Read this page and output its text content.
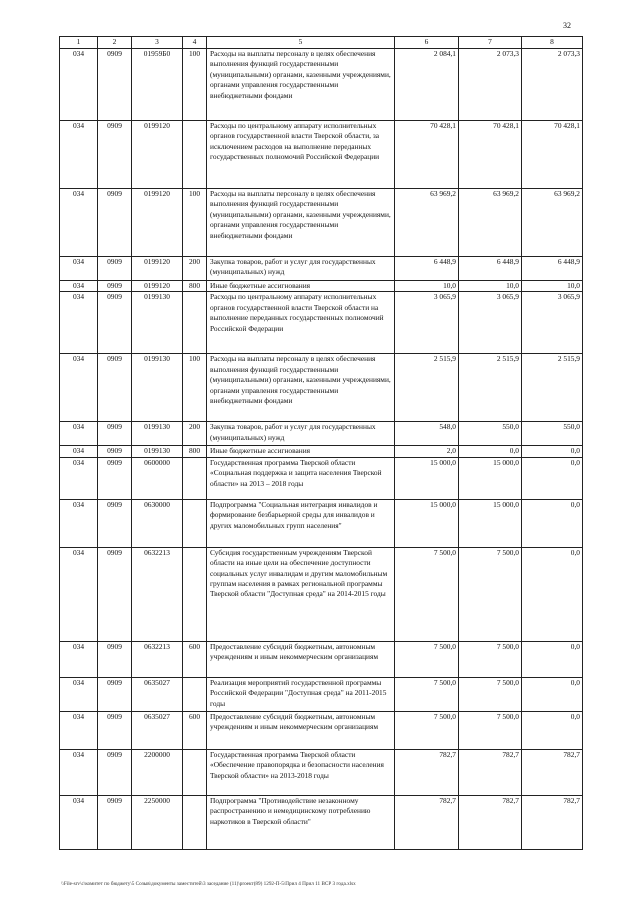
32
1	2	3	4	5	6	7	8
034	0909	01959Б0	100	Расходы на выплаты персоналу в целях обеспечения выполнения функций государственными (муниципальными) органами, казенными учреждениями, органами управления государственными внебюджетными фондами	2 084,1	2 073,3	2 073,3
034	0909	0199120		Расходы по центральному аппарату исполнительных органов государственной власти Тверской области, за исключением расходов на выполнение переданных государственных полномочий Российской Федерации	70 428,1	70 428,1	70 428,1
034	0909	0199120	100	Расходы на выплаты персоналу в целях обеспечения выполнения функций государственными (муниципальными) органами, казенными учреждениями, органами управления государственными внебюджетными фондами	63 969,2	63 969,2	63 969,2
034	0909	0199120	200	Закупка товаров, работ и услуг для государственных (муниципальных) нужд	6 448,9	6 448,9	6 448,9
034	0909	0199120	800	Иные бюджетные ассигнования	10,0	10,0	10,0
034	0909	0199130		Расходы по центральному аппарату исполнительных органов государственной власти Тверской области на выполнение переданных государственных полномочий Российской Федерации	3 065,9	3 065,9	3 065,9
034	0909	0199130	100	Расходы на выплаты персоналу в целях обеспечения выполнения функций государственными (муниципальными) органами, казенными учреждениями, органами управления государственными внебюджетными фондами	2 515,9	2 515,9	2 515,9
034	0909	0199130	200	Закупка товаров, работ и услуг для государственных (муниципальных) нужд	548,0	550,0	550,0
034	0909	0199130	800	Иные бюджетные ассигнования	2,0	0,0	0,0
034	0909	0600000		Государственная программа Тверской области «Социальная поддержка и защита населения Тверской области» на 2013 – 2018 годы	15 000,0	15 000,0	0,0
034	0909	0630000		Подпрограмма "Социальная интеграция инвалидов и формирование безбарьерной среды для инвалидов и других маломобильных групп населения"	15 000,0	15 000,0	0,0
034	0909	0632213		Субсидия государственным учреждениям Тверской области на иные цели на обеспечение доступности социальных услуг инвалидам и другим маломобильным группам населения в рамках региональной программы Тверской области "Доступная среда" на 2014-2015 годы	7 500,0	7 500,0	0,0
034	0909	0632213	600	Предоставление субсидий бюджетным, автономным учреждениям и иным некоммерческим организациям	7 500,0	7 500,0	0,0
034	0909	0635027		Реализация мероприятий государственной программы Российской Федерации "Доступная среда" на 2011-2015 годы	7 500,0	7 500,0	0,0
034	0909	0635027	600	Предоставление субсидий бюджетным, автономным учреждениям и иным некоммерческим организациям	7 500,0	7 500,0	0,0
034	0909	2200000		Государственная программа Тверской области «Обеспечение правопорядка и безопасности населения Тверской области» на 2013-2018 годы	782,7	782,7	782,7
034	0909	2250000		Подпрограмма "Противодействие незаконному распространению и немедицинскому потреблению наркотиков в Тверской области"	782,7	782,7	782,7
\\File-srv\c\комитет по бюджету\5 Созыв\документы заместитей\3 заседание (11)\proект(89) 1292-П-5\Прил 4 Прил 11 ВСР 3 года.xlsx
